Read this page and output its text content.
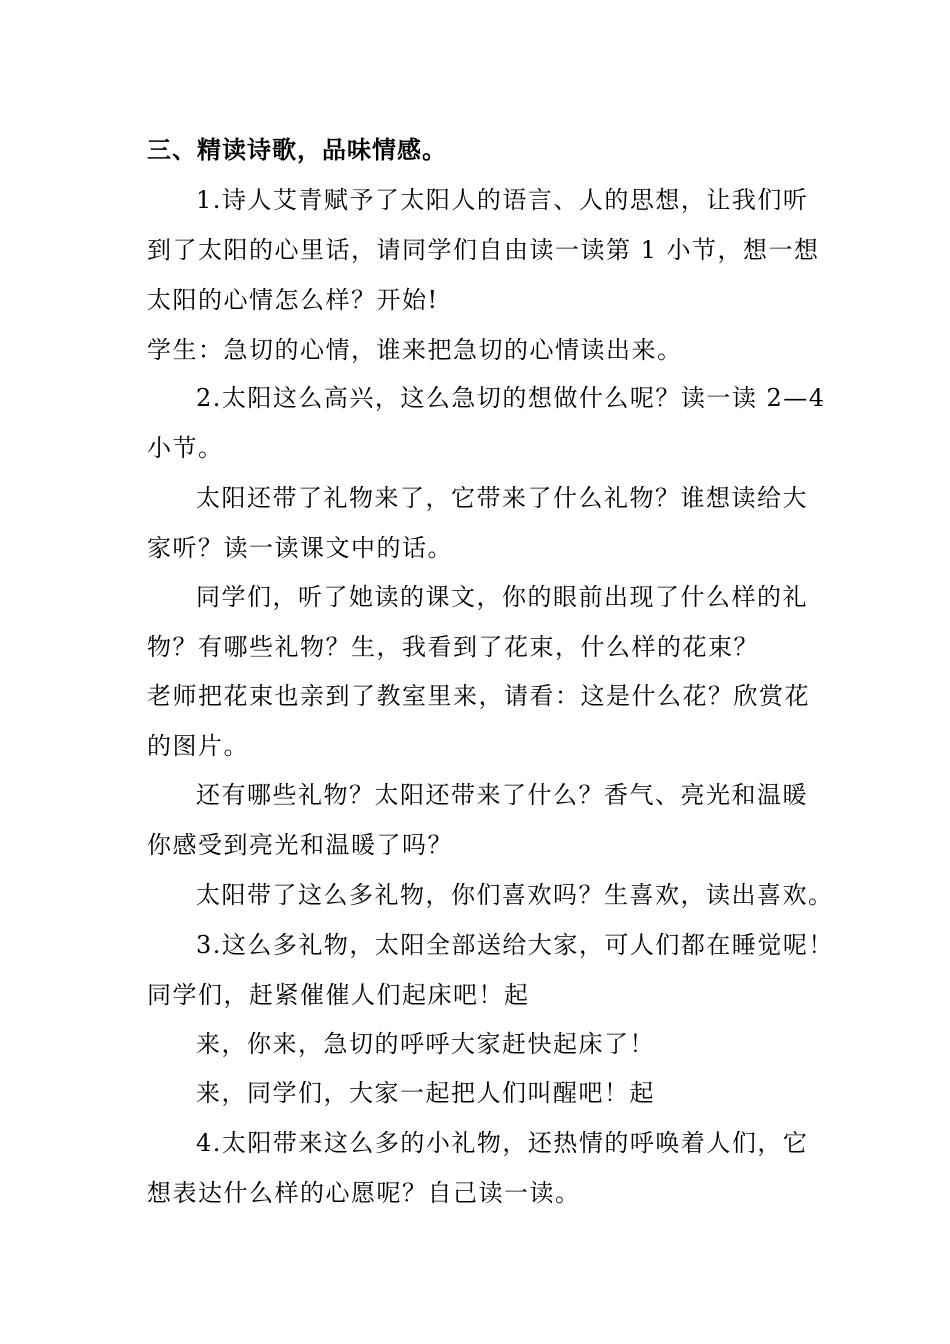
三、精读诗歌，品味情感。
1.诗人艾青赋予了太阳人的语言、人的思想，让我们听
到了太阳的心里话，请同学们自由读一读第 1 小节，想一想
太阳的心情怎么样？开始!
学生：急切的心情，谁来把急切的心情读出来。
2.太阳这么高兴，这么急切的想做什么呢？读一读 2—4
小节。
太阳还带了礼物来了，它带来了什么礼物？谁想读给大
家听？读一读课文中的话。
同学们，听了她读的课文，你的眼前出现了什么样的礼
物？有哪些礼物？生，我看到了花束，什么样的花束？
老师把花束也亲到了教室里来，请看：这是什么花？欣赏花
的图片。
还有哪些礼物？太阳还带来了什么？香气、亮光和温暖
你感受到亮光和温暖了吗？
太阳带了这么多礼物，你们喜欢吗？生喜欢，读出喜欢。
3.这么多礼物，太阳全部送给大家，可人们都在睡觉呢！
同学们，赶紧催催人们起床吧！起
来，你来，急切的呼呼大家赶快起床了！
来，同学们，大家一起把人们叫醒吧！起
4.太阳带来这么多的小礼物，还热情的呼唤着人们，它
想表达什么样的心愿呢？自己读一读。
